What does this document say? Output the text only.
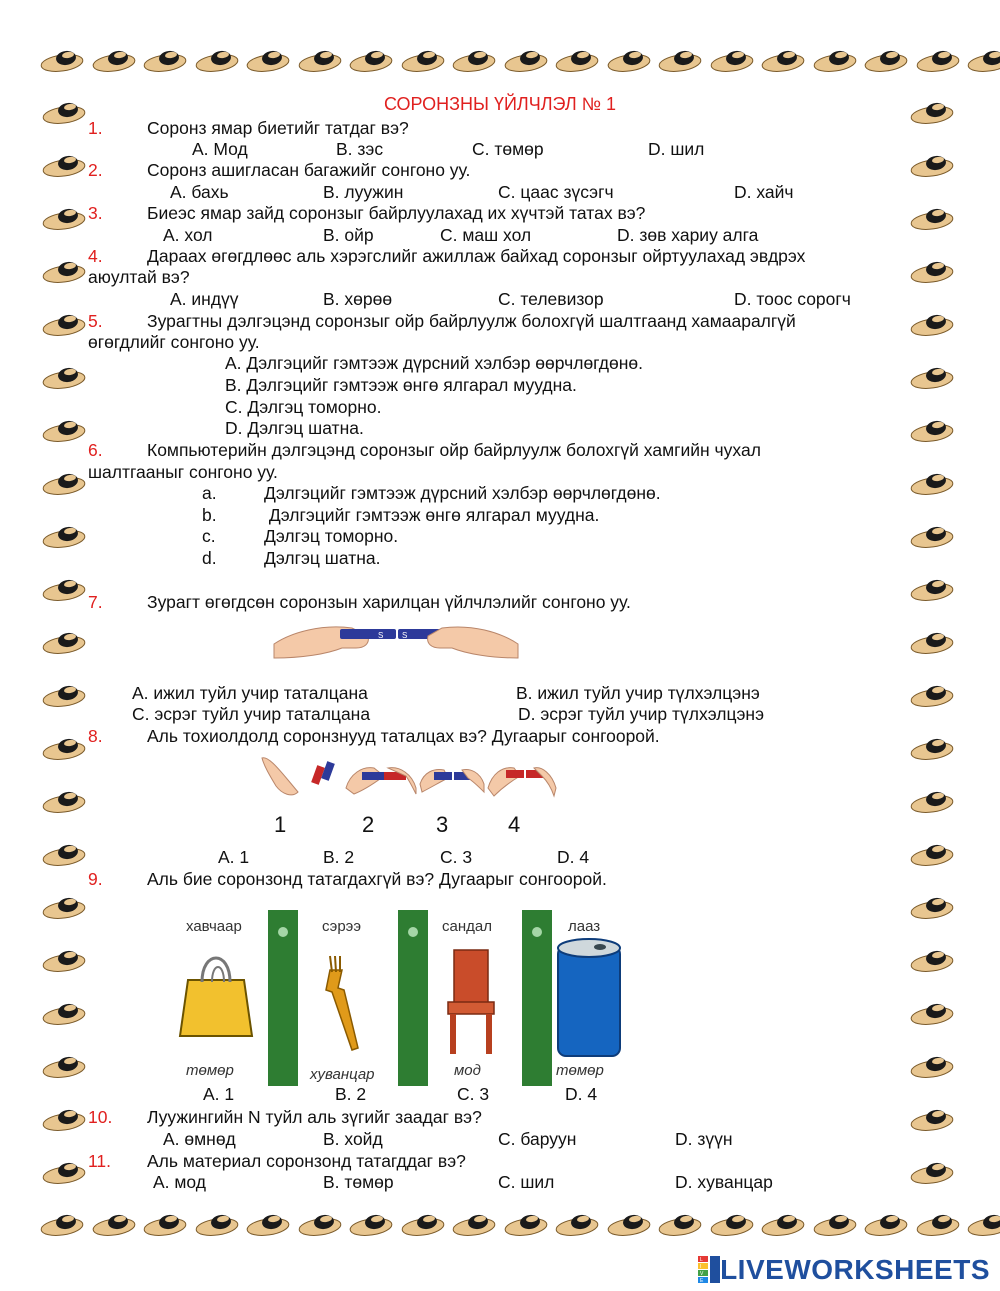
СОРОНЗНЫ ҮЙЛЧЛЭЛ № 1
1.	Соронз ямар биетийг татдаг вэ?
A. Мод	B. зэс	C. төмөр	D. шил
2.	Соронз ашигласан багажийг сонгоно уу.
A. бахь	B. луужин	C. цаас зүсэгч	D. хайч
3.	Биеэс ямар зайд соронзыг байрлуулахад их хүчтэй татах вэ?
A. хол	B. ойр	C. маш хол	D. зөв хариу алга
4.	Дараах өгөгдлөөс аль хэрэгслийг ажиллаж байхад соронзыг ойртуулахад эвдрэх
аюултай вэ?
A. индүү	B. хөрөө	C. телевизор	D. тоос сорогч
5.	Зурагтны дэлгэцэнд соронзыг ойр байрлуулж болохгүй шалтгаанд хамааралгүй
өгөгдлийг сонгоно уу.
A. Дэлгэцийг гэмтээж дүрсний хэлбэр өөрчлөгдөнө.
B. Дэлгэцийг гэмтээж өнгө ялгарал муудна.
C. Дэлгэц томорно.
D. Дэлгэц шатна.
6.	Компьютерийн дэлгэцэнд соронзыг ойр байрлуулж болохгүй хамгийн чухал
шалтгааныг сонгоно уу.
a.	Дэлгэцийг гэмтээж дүрсний хэлбэр өөрчлөгдөнө.
b.	Дэлгэцийг гэмтээж өнгө ялгарал муудна.
c.	Дэлгэц томорно.
d.	Дэлгэц шатна.
7.	Зурагт өгөгдсөн соронзын харилцан үйлчлэлийг сонгоно уу.
S S
A. ижил туйл учир таталцана	B. ижил туйл учир түлхэлцэнэ
C. эсрэг туйл учир таталцана	D. эсрэг туйл учир түлхэлцэнэ
8.	Аль тохиолдолд соронзнууд таталцах вэ? Дугаарыг сонгоорой.
1	2	3	4
A. 1	B. 2	C. 3	D. 4
9.	Аль бие соронзонд татагдахгүй вэ? Дугаарыг сонгоорой.
хавчаар	сэрээ	сандал	лааз
төмөр	хуванцар	мод	төмөр
A. 1	B. 2	C. 3	D. 4
10. Луужингийн N туйл аль зүгийг заадаг вэ?
A. өмнөд	B. хойд	C. баруун	D. зүүн
11. Аль материал соронзонд татагддаг вэ?
A. мод	B. төмөр	C. шил	D. хуванцар
L
I
V
E LIVEWORKSHEETS
